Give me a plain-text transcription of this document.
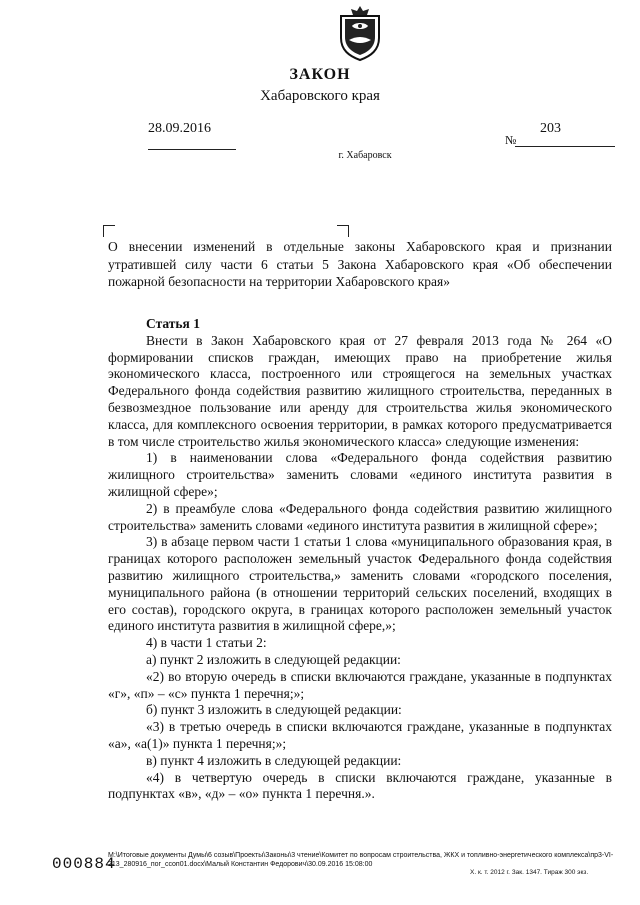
ЗАКОН
Хабаровского края
28.09.2016	203
№
г. Хабаровск
О внесении изменений в отдельные законы Хабаровского края и признании утратившей силу части 6 статьи 5 Закона Хабаровского края «Об обеспечении пожарной безопасности на территории Хабаровского края»

Статья 1

Внести в Закон Хабаровского края от 27 февраля 2013 года № 264 «О формировании списков граждан, имеющих право на приобретение жилья экономического класса, построенного или строящегося на земельных участках Федерального фонда содействия развитию жилищного строительства, переданных в безвозмездное пользование или аренду для строительства жилья экономического класса, для комплексного освоения территории, в рамках которого предусматривается в том числе строительство жилья экономического класса» следующие изменения:

1) в наименовании слова «Федерального фонда содействия развитию жилищного строительства» заменить словами «единого института развития в жилищной сфере»;

2) в преамбуле слова «Федерального фонда содействия развитию жилищного строительства» заменить словами «единого института развития в жилищной сфере»;

3) в абзаце первом части 1 статьи 1 слова «муниципального образования края, в границах которого расположен земельный участок Федерального фонда содействия развитию жилищного строительства,» заменить словами «городского поселения, муниципального района (в отношении территорий сельских поселений, входящих в его состав), городского округа, в границах которого расположен земельный участок единого института развития в жилищной сфере,»;

4) в части 1 статьи 2:

а) пункт 2 изложить в следующей редакции:

«2) во вторую очередь в списки включаются граждане, указанные в подпунктах «г», «п» – «с» пункта 1 перечня;»;

б) пункт 3 изложить в следующей редакции:

«3) в третью очередь в списки включаются граждане, указанные в подпунктах «а», «а(1)» пункта 1 перечня;»;

в) пункт 4 изложить в следующей редакции:

«4) в четвертую очередь в списки включаются граждане, указанные в подпунктах «в», «д» – «о» пункта 1 перечня.».

М:\Итоговые документы Думы\6 созыв\Проекты\Законы\3 чтение\Комитет по вопросам строительства, ЖКХ и топливно-энергетического комплекса\пр3-VI-213_280916_пог_ссоп01.docx\Малый Константин Федорович\30.09.2016 15:08:00
000884	Х. к. т. 2012 г. Зак. 1347. Тираж 300 экз.
